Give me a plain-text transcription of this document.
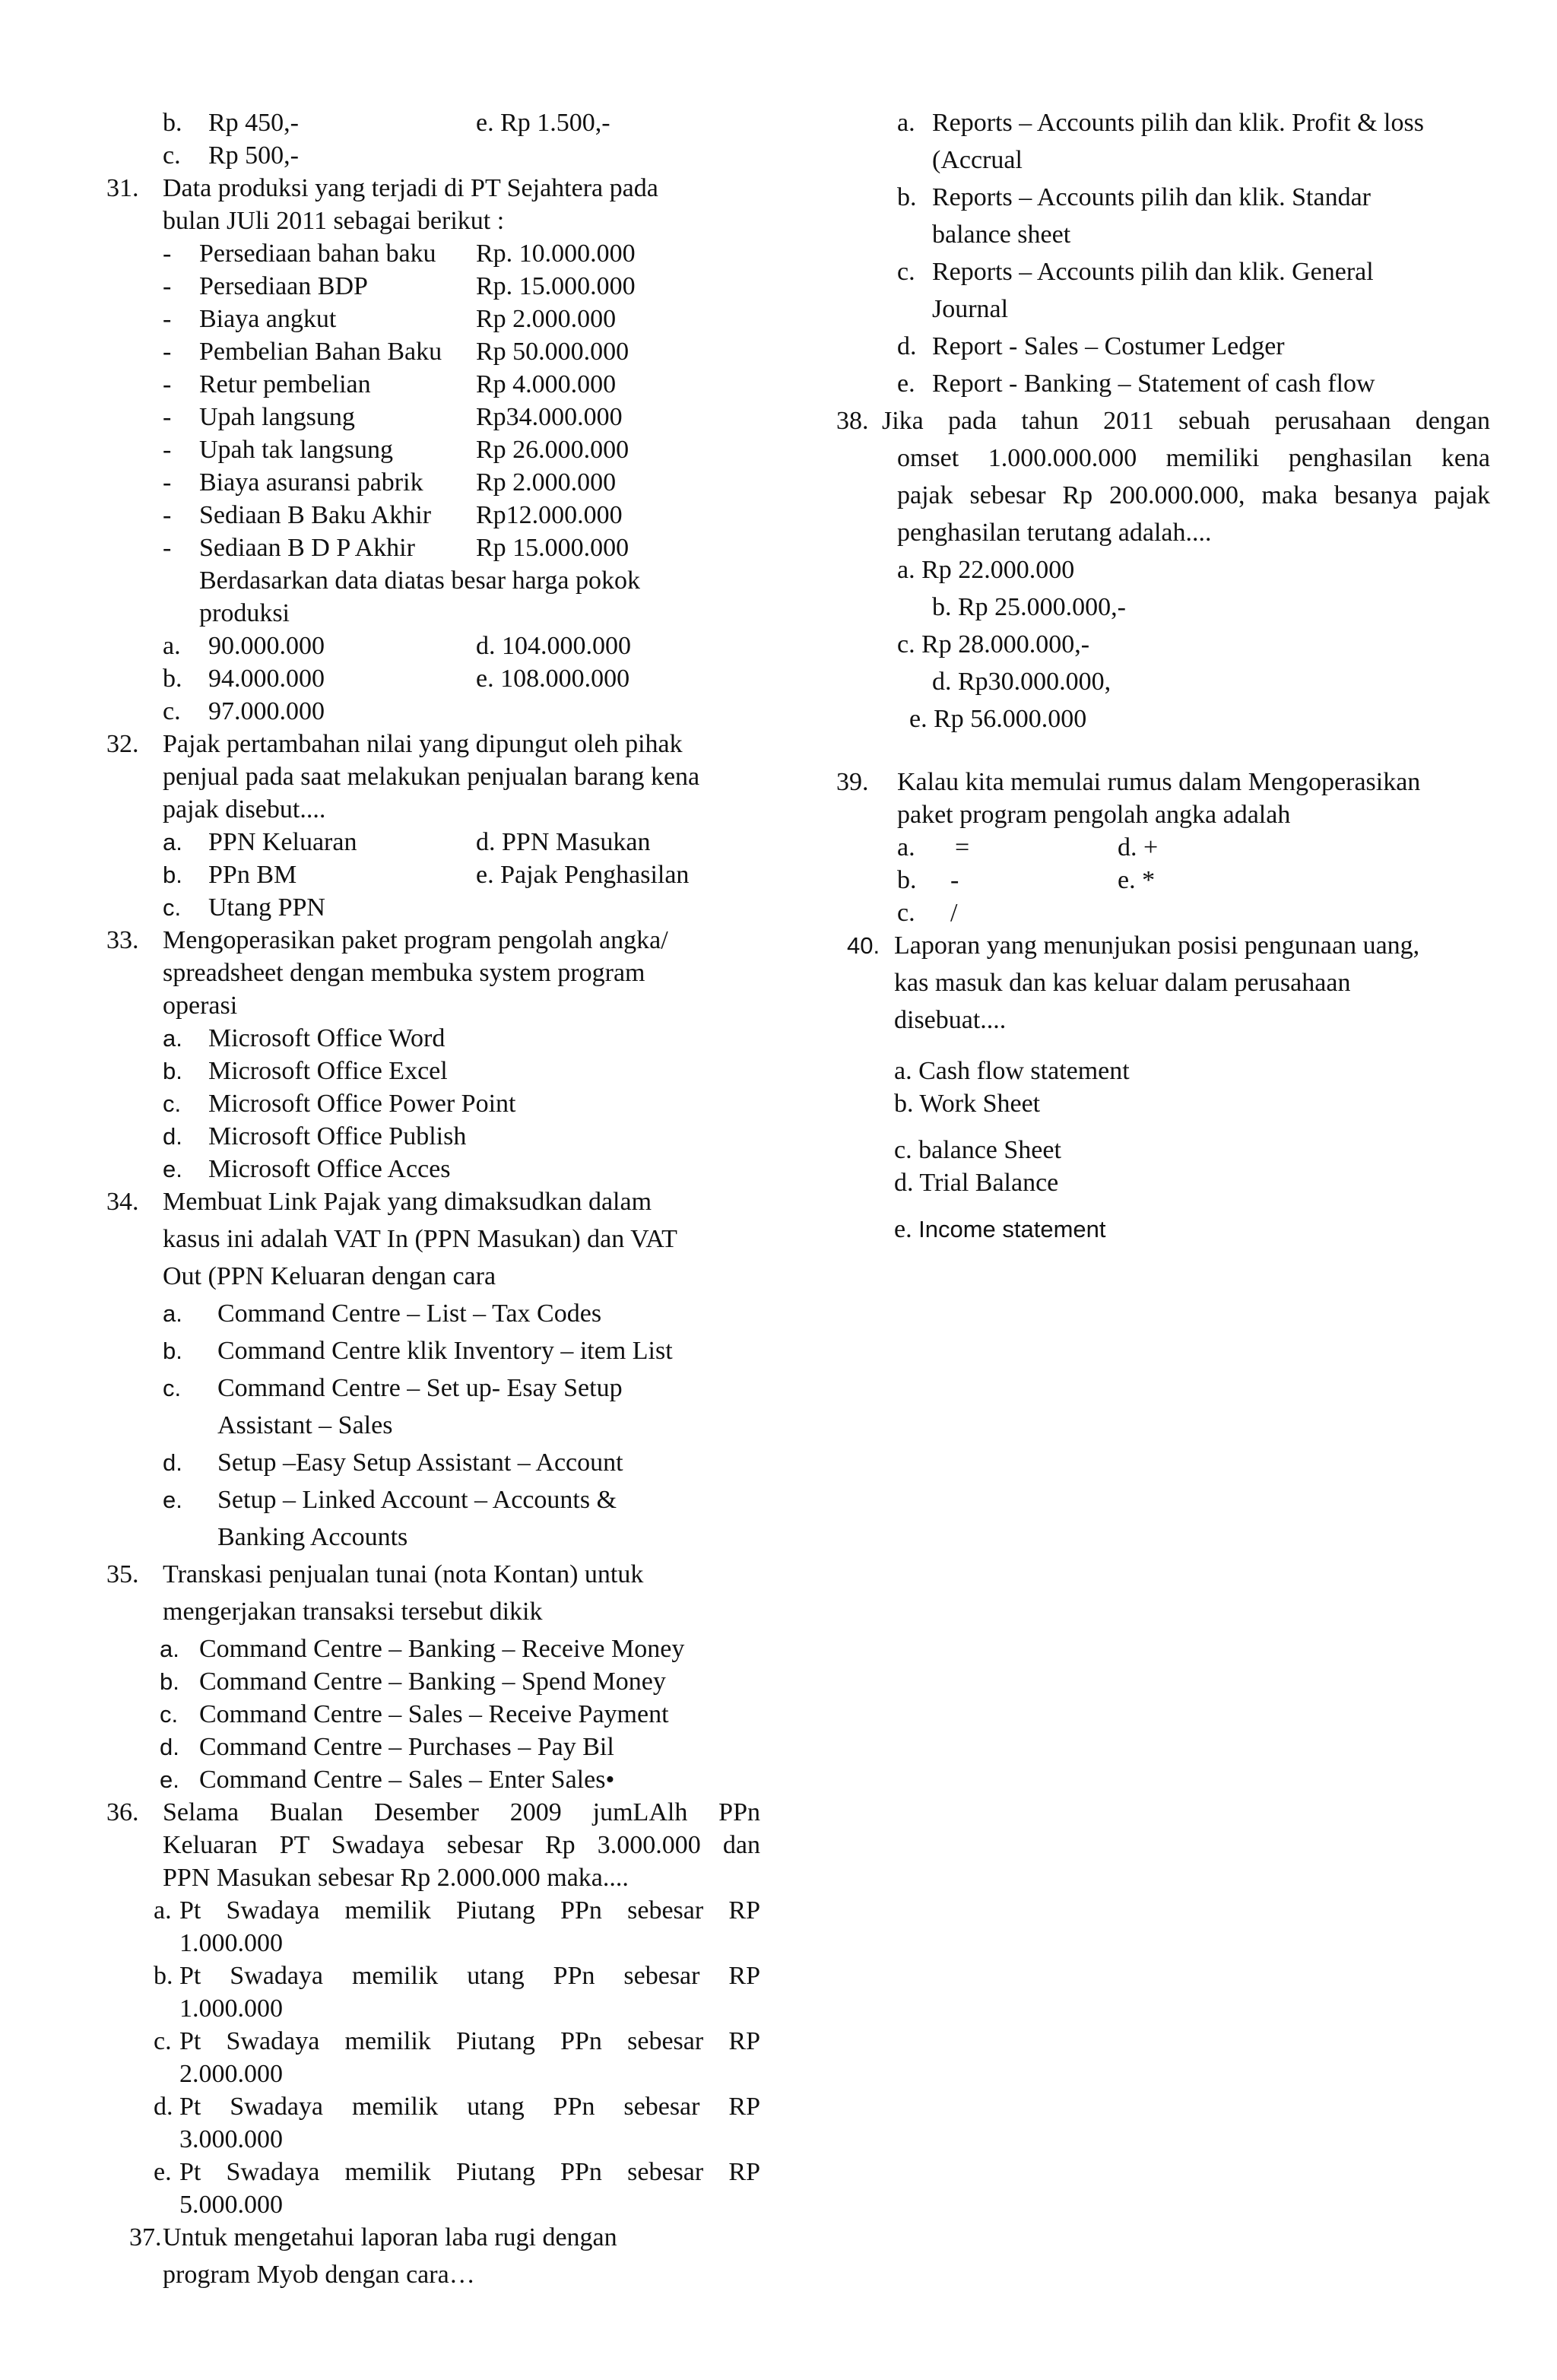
b. Rp 450,-	e. Rp 1.500,-
c. Rp 500,-
31. Data produksi yang terjadi di PT Sejahtera pada
bulan JUli 2011 sebagai berikut :
- Persediaan bahan baku Rp. 10.000.000
- Persediaan BDP	Rp. 15.000.000
- Biaya angkut	Rp 2.000.000
- Pembelian Bahan Baku Rp 50.000.000
- Retur pembelian	Rp 4.000.000
- Upah langsung	Rp34.000.000
- Upah tak langsung	Rp 26.000.000
- Biaya asuransi pabrik Rp 2.000.000
- Sediaan B Baku Akhir Rp12.000.000
- Sediaan B D P Akhir Rp 15.000.000
Berdasarkan data diatas besar harga pokok
produksi
a. 90.000.000	d. 104.000.000
b. 94.000.000	e. 108.000.000
c. 97.000.000
32. Pajak pertambahan nilai yang dipungut oleh pihak
penjual pada saat melakukan penjualan barang kena
pajak disebut....
a. PPN Keluaran	d. PPN Masukan
b. PPn BM	e. Pajak Penghasilan
c. Utang PPN
33. Mengoperasikan paket program pengolah angka/
spreadsheet dengan membuka system program
operasi
a. Microsoft Office Word
b. Microsoft Office Excel
c. Microsoft Office Power Point
d. Microsoft Office Publish
e. Microsoft Office Acces
34. Membuat Link Pajak yang dimaksudkan dalam
kasus ini adalah VAT In (PPN Masukan) dan VAT
Out (PPN Keluaran dengan cara
a. Command Centre – List – Tax Codes
b. Command Centre klik Inventory – item List
c. Command Centre – Set up- Esay Setup
Assistant – Sales
d. Setup –Easy Setup Assistant – Account
e. Setup – Linked Account – Accounts &
Banking Accounts
35. Transkasi penjualan tunai (nota Kontan) untuk
mengerjakan transaksi tersebut dikik
a. Command Centre – Banking – Receive Money
b. Command Centre – Banking – Spend Money
c. Command Centre – Sales – Receive Payment
d. Command Centre – Purchases – Pay Bil
e. Command Centre – Sales – Enter Sales•
36. Selama Bualan Desember 2009 jumLAlh PPn
Keluaran PT Swadaya sebesar Rp 3.000.000 dan
PPN Masukan sebesar Rp 2.000.000 maka....
a. Pt Swadaya memilik Piutang PPn sebesar RP
1.000.000
b. Pt Swadaya memilik utang PPn sebesar RP
1.000.000
c. Pt Swadaya memilik Piutang PPn sebesar RP
2.000.000
d. Pt Swadaya memilik utang PPn sebesar RP
3.000.000
e. Pt Swadaya memilik Piutang PPn sebesar RP
5.000.000
37. Untuk mengetahui laporan laba rugi dengan
program Myob dengan cara…
a. Reports – Accounts pilih dan klik. Profit & loss
(Accrual
b. Reports – Accounts pilih dan klik. Standar
balance sheet
c. Reports – Accounts pilih dan klik. General
Journal
d. Report - Sales – Costumer Ledger
e. Report - Banking – Statement of cash flow
38. Jika pada tahun 2011 sebuah perusahaan dengan
omset 1.000.000.000 memiliki penghasilan kena
pajak sebesar Rp 200.000.000, maka besanya pajak
penghasilan terutang adalah....
a. Rp 22.000.000
b. Rp 25.000.000,-
c. Rp 28.000.000,-
d. Rp30.000.000,
e. Rp 56.000.000
39. Kalau kita memulai rumus dalam Mengoperasikan
paket program pengolah angka adalah
a. =	d. +
b. -	e. *
c. /
40. Laporan yang menunjukan posisi pengunaan uang,
kas masuk dan kas keluar dalam perusahaan
disebuat....
a. Cash flow statement
b. Work Sheet
c. balance Sheet
d. Trial Balance
e. Income statement
